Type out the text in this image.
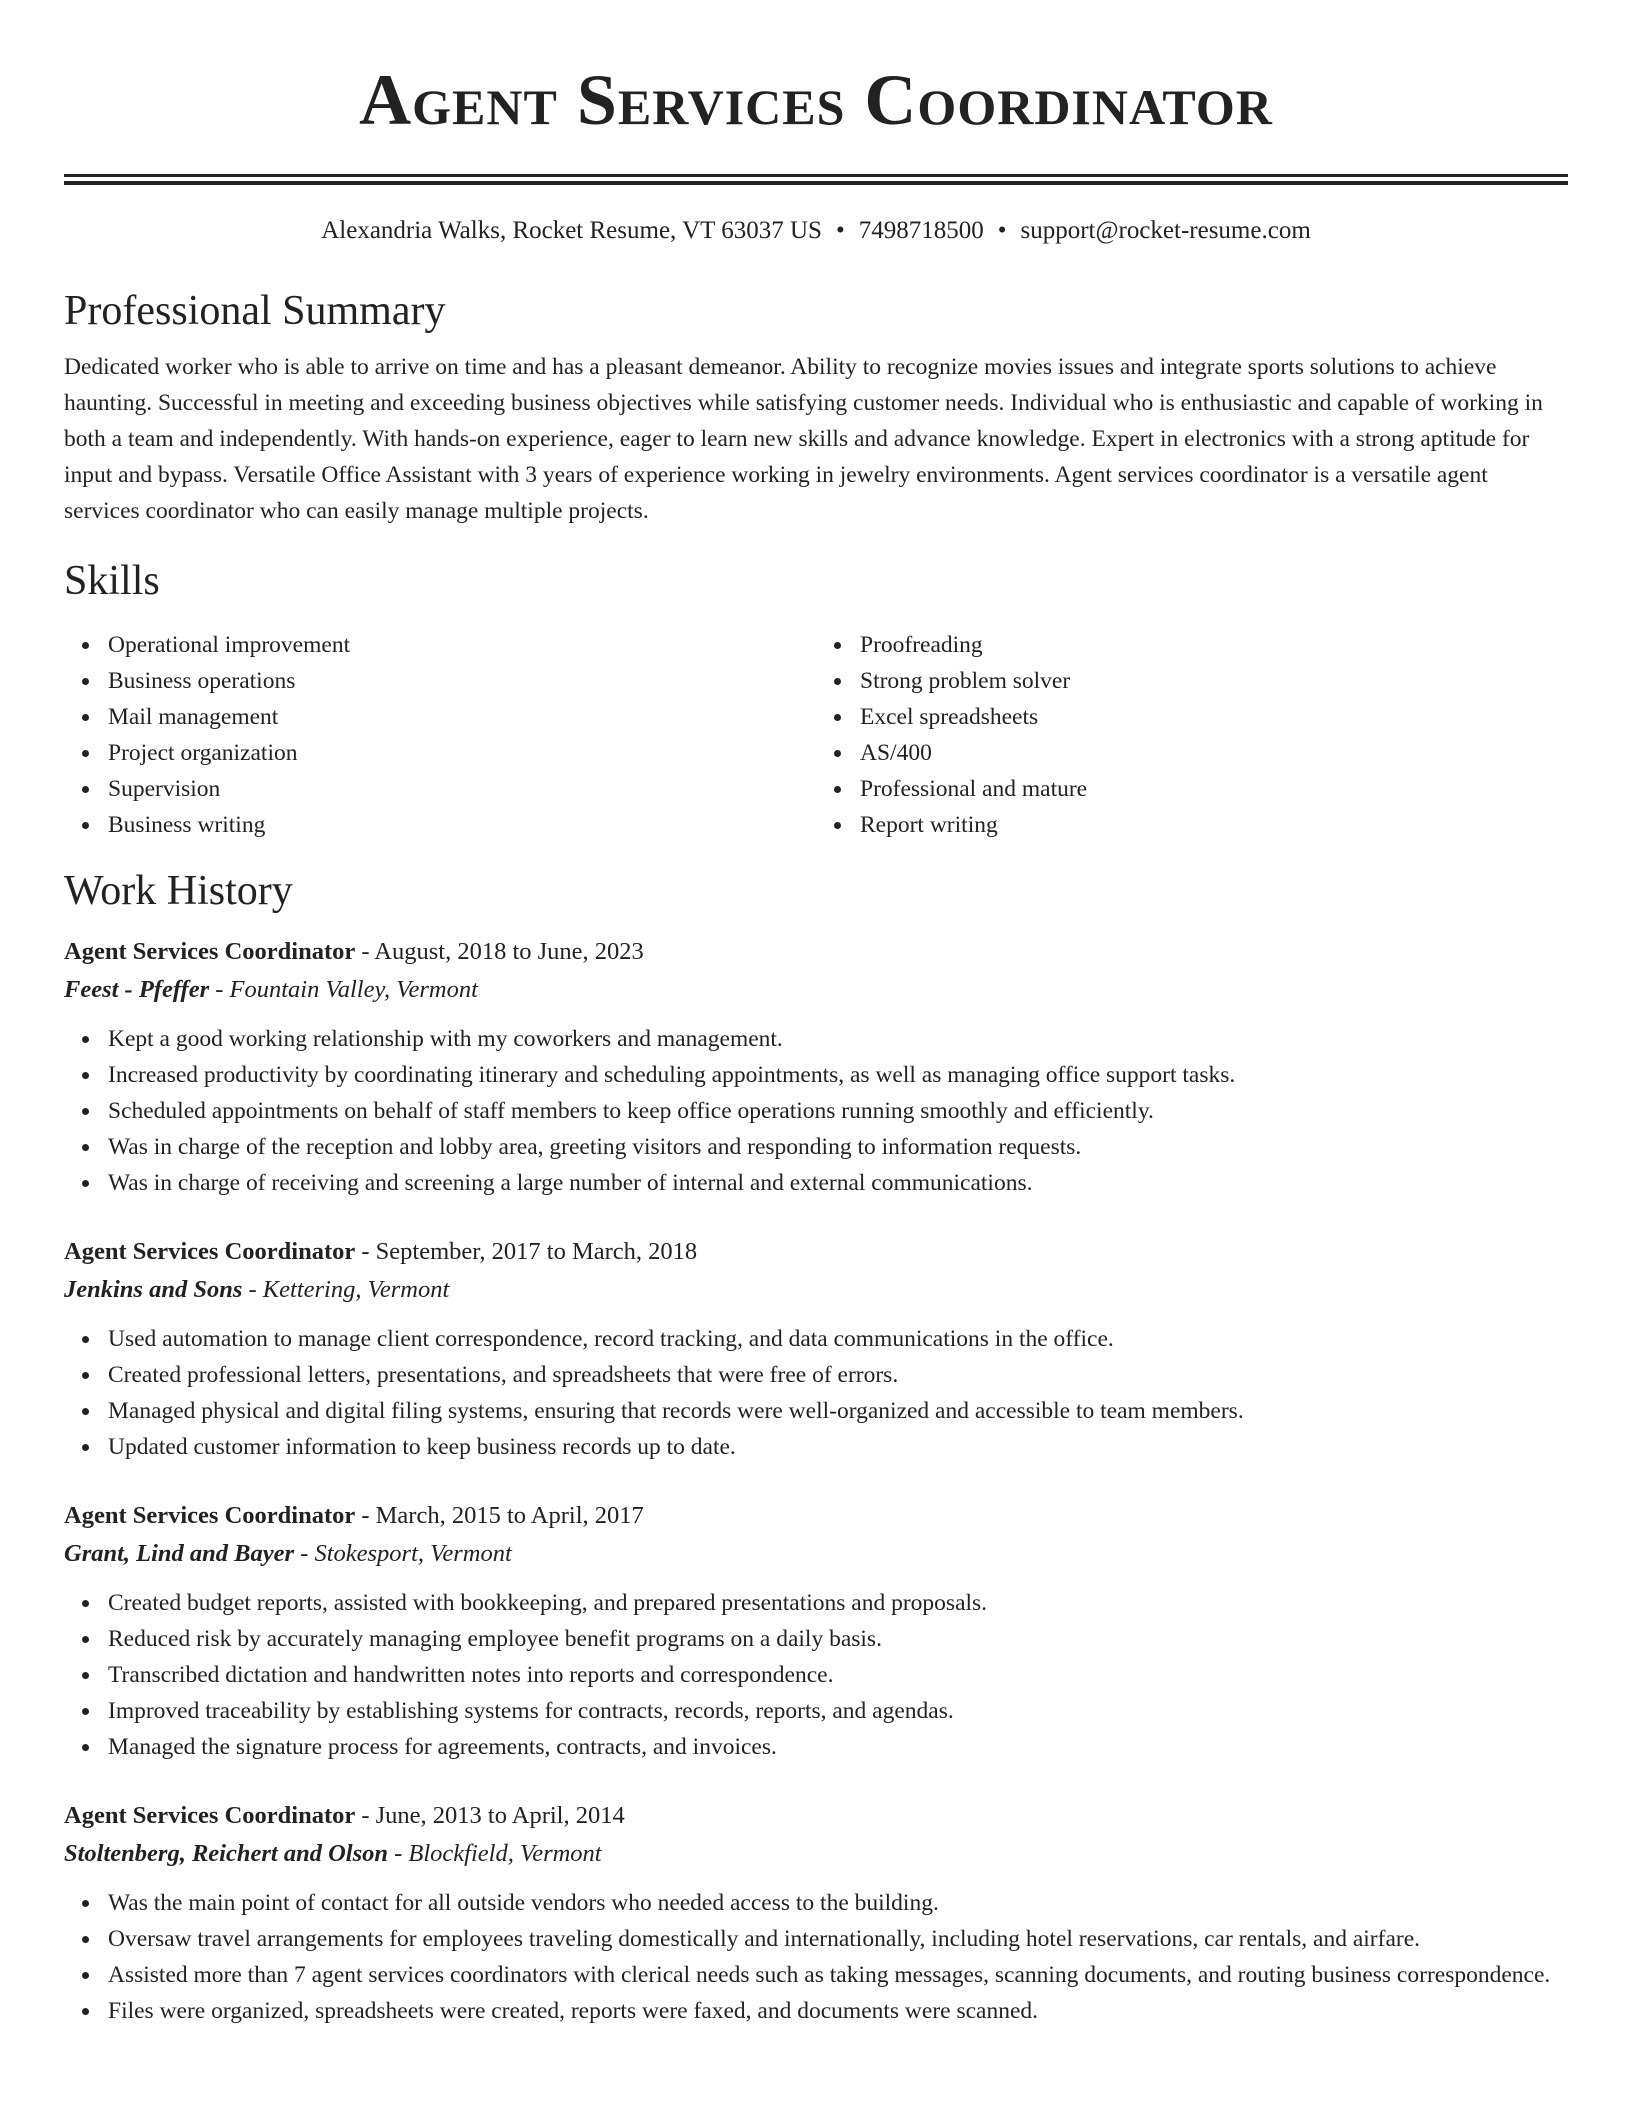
Agent Services Coordinator
Alexandria Walks, Rocket Resume, VT 63037 US • 7498718500 • support@rocket-resume.com
Professional Summary

Dedicated worker who is able to arrive on time and has a pleasant demeanor. Ability to recognize movies issues and integrate sports solutions to achieve haunting. Successful in meeting and exceeding business objectives while satisfying customer needs. Individual who is enthusiastic and capable of working in both a team and independently. With hands-on experience, eager to learn new skills and advance knowledge. Expert in electronics with a strong aptitude for input and bypass. Versatile Office Assistant with 3 years of experience working in jewelry environments. Agent services coordinator is a versatile agent services coordinator who can easily manage multiple projects.

Skills
Operational improvement
Business operations
Mail management
Project organization
Supervision
Business writing
Proofreading
Strong problem solver
Excel spreadsheets
AS/400
Professional and mature
Report writing
Work History
Agent Services Coordinator - August, 2018 to June, 2023
Feest - Pfeffer - Fountain Valley, Vermont
Kept a good working relationship with my coworkers and management.
Increased productivity by coordinating itinerary and scheduling appointments, as well as managing office support tasks.
Scheduled appointments on behalf of staff members to keep office operations running smoothly and efficiently.
Was in charge of the reception and lobby area, greeting visitors and responding to information requests.
Was in charge of receiving and screening a large number of internal and external communications.
Agent Services Coordinator - September, 2017 to March, 2018
Jenkins and Sons - Kettering, Vermont
Used automation to manage client correspondence, record tracking, and data communications in the office.
Created professional letters, presentations, and spreadsheets that were free of errors.
Managed physical and digital filing systems, ensuring that records were well-organized and accessible to team members.
Updated customer information to keep business records up to date.
Agent Services Coordinator - March, 2015 to April, 2017
Grant, Lind and Bayer - Stokesport, Vermont
Created budget reports, assisted with bookkeeping, and prepared presentations and proposals.
Reduced risk by accurately managing employee benefit programs on a daily basis.
Transcribed dictation and handwritten notes into reports and correspondence.
Improved traceability by establishing systems for contracts, records, reports, and agendas.
Managed the signature process for agreements, contracts, and invoices.
Agent Services Coordinator - June, 2013 to April, 2014
Stoltenberg, Reichert and Olson - Blockfield, Vermont
Was the main point of contact for all outside vendors who needed access to the building.
Oversaw travel arrangements for employees traveling domestically and internationally, including hotel reservations, car rentals, and airfare.
Assisted more than 7 agent services coordinators with clerical needs such as taking messages, scanning documents, and routing business correspondence.
Files were organized, spreadsheets were created, reports were faxed, and documents were scanned.
